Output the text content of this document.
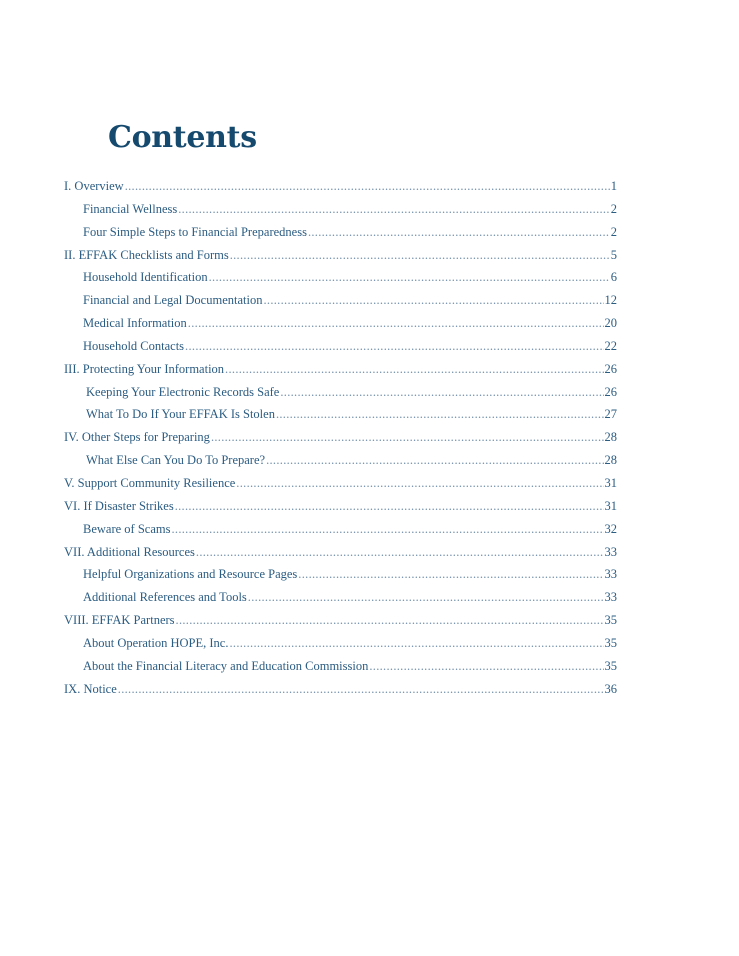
Contents
I. Overview .....	1
Financial Wellness .....	2
Four Simple Steps to Financial Preparedness .....	2
II. EFFAK Checklists and Forms .....	5
Household Identification .....	6
Financial and Legal Documentation .....	12
Medical Information .....	20
Household Contacts .....	22
III. Protecting Your Information .....	26
Keeping Your Electronic Records Safe .....	26
What To Do If Your EFFAK Is Stolen .....	27
IV. Other Steps for Preparing .....	28
What Else Can You Do To Prepare? .....	28
V. Support Community Resilience .....	31
VI. If Disaster Strikes .....	31
Beware of Scams .....	32
VII. Additional Resources .....	33
Helpful Organizations and Resource Pages .....	33
Additional References and Tools .....	33
VIII. EFFAK Partners .....	35
About Operation HOPE, Inc. .....	35
About the Financial Literacy and Education Commission .....	35
IX. Notice .....	36
